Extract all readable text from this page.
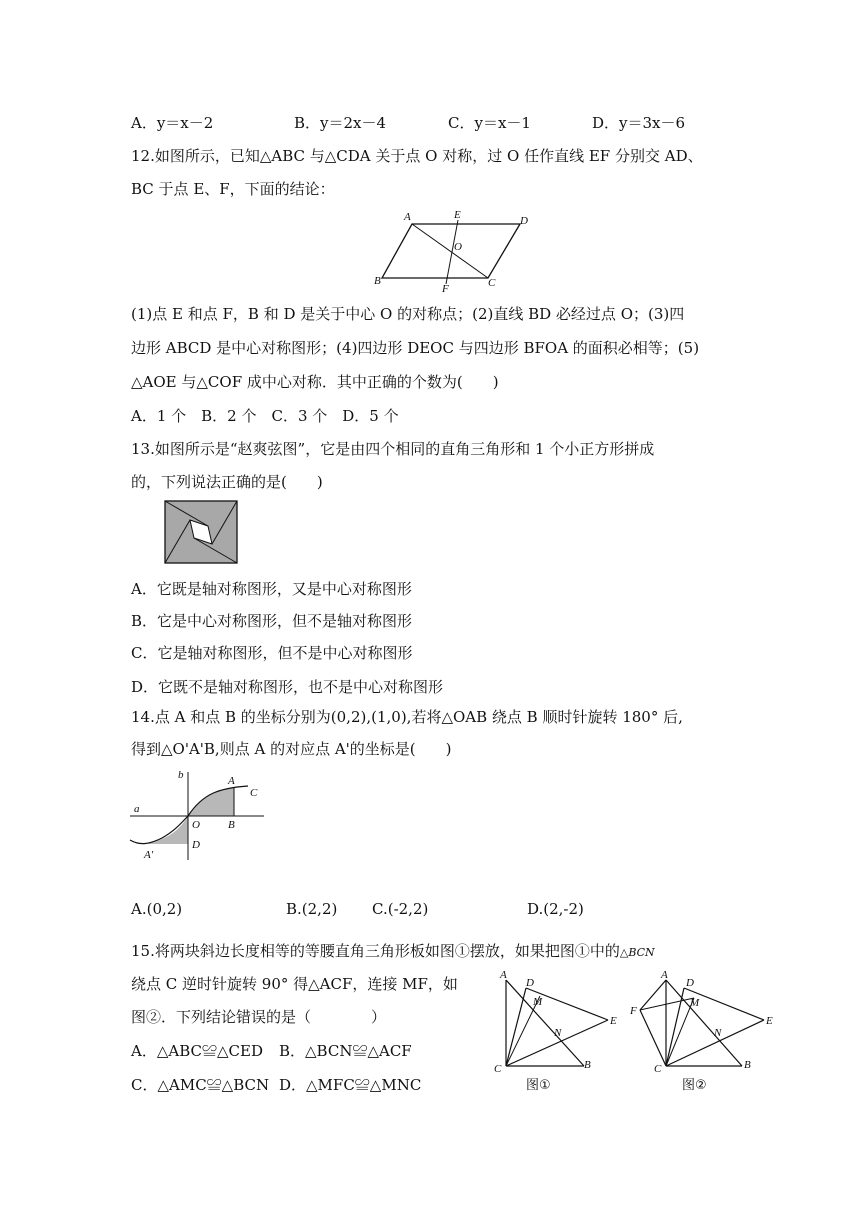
A．y＝x－2	B．y＝2x－4	C．y＝x－1	D．y＝3x－6
12.如图所示，已知△ABC 与△CDA 关于点 O 对称，过 O 任作直线 EF 分别交 AD、
BC 于点 E、F，下面的结论：
A	E	D
O
B
F	C
(1)点 E 和点 F，B 和 D 是关于中心 O 的对称点；(2)直线 BD 必经过点 O；(3)四
边形 ABCD 是中心对称图形；(4)四边形 DEOC 与四边形 BFOA 的面积必相等；(5)
△AOE 与△COF 成中心对称．其中正确的个数为(　　)
A．1 个　B．2 个　C．3 个　D．5 个
13.如图所示是“赵爽弦图”，它是由四个相同的直角三角形和 1 个小正方形拼成
的，下列说法正确的是(　　)
A．它既是轴对称图形，又是中心对称图形
B．它是中心对称图形，但不是轴对称图形
C．它是轴对称图形，但不是中心对称图形
D．它既不是轴对称图形，也不是中心对称图形
14.点 A 和点 B 的坐标分别为(0,2),(1,0),若将△OAB 绕点 B 顺时针旋转 180° 后,
得到△O'A'B,则点 A 的对应点 A'的坐标是(　　)
b	A
C
a
O	B
D
A'
A.(0,2)	B.(2,2) C.(-2,2)	D.(2,-2)
15.将两块斜边长度相等的等腰直角三角形板如图①摆放，如果把图①中的△BCN
绕点 C 逆时针旋转 90° 得△ACF，连接 MF，如
图②．下列结论错误的是（　　　　）
A．△ABC≌△CED B．△BCN≌△ACF
C．△AMC≌△BCN D．△MFC≌△MNC
A
D
M
E
N
C	B
图①
A
D
F
M
E
N
C	B
图②
